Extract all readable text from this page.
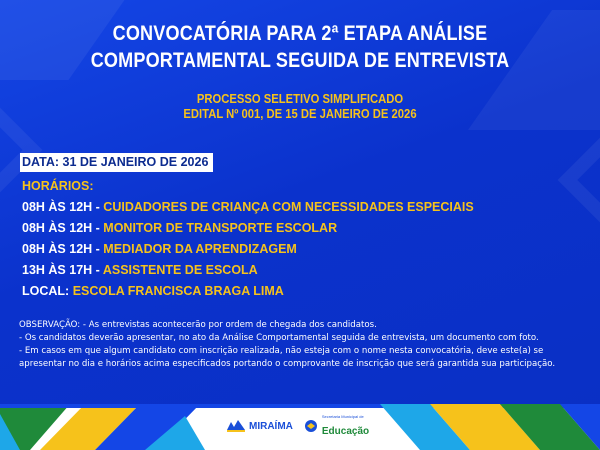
CONVOCATÓRIA PARA 2ª ETAPA ANÁLISE
COMPORTAMENTAL SEGUIDA DE ENTREVISTA
PROCESSO SELETIVO SIMPLIFICADO
EDITAL Nº 001, DE 15 DE JANEIRO DE 2026
DATA: 31 DE JANEIRO DE 2026
HORÁRIOS:
08H ÀS 12H - CUIDADORES DE CRIANÇA COM NECESSIDADES ESPECIAIS
08H ÀS 12H - MONITOR DE TRANSPORTE ESCOLAR
08H ÀS 12H - MEDIADOR DA APRENDIZAGEM
13H ÀS 17H - ASSISTENTE DE ESCOLA
LOCAL: ESCOLA FRANCISCA BRAGA LIMA

OBSERVAÇÃO: - As entrevistas acontecerão por ordem de chegada dos candidatos.

- Os candidatos deverão apresentar, no ato da Análise Comportamental seguida de entrevista, um documento com foto.

- Em casos em que algum candidato com inscrição realizada, não esteja com o nome nesta convocatória, deve este(a) se apresentar no dia e horários acima especificados portando o comprovante de inscrição que será garantida sua participação.

MIRAÍMA
Secretaria Municipal de
Educação
